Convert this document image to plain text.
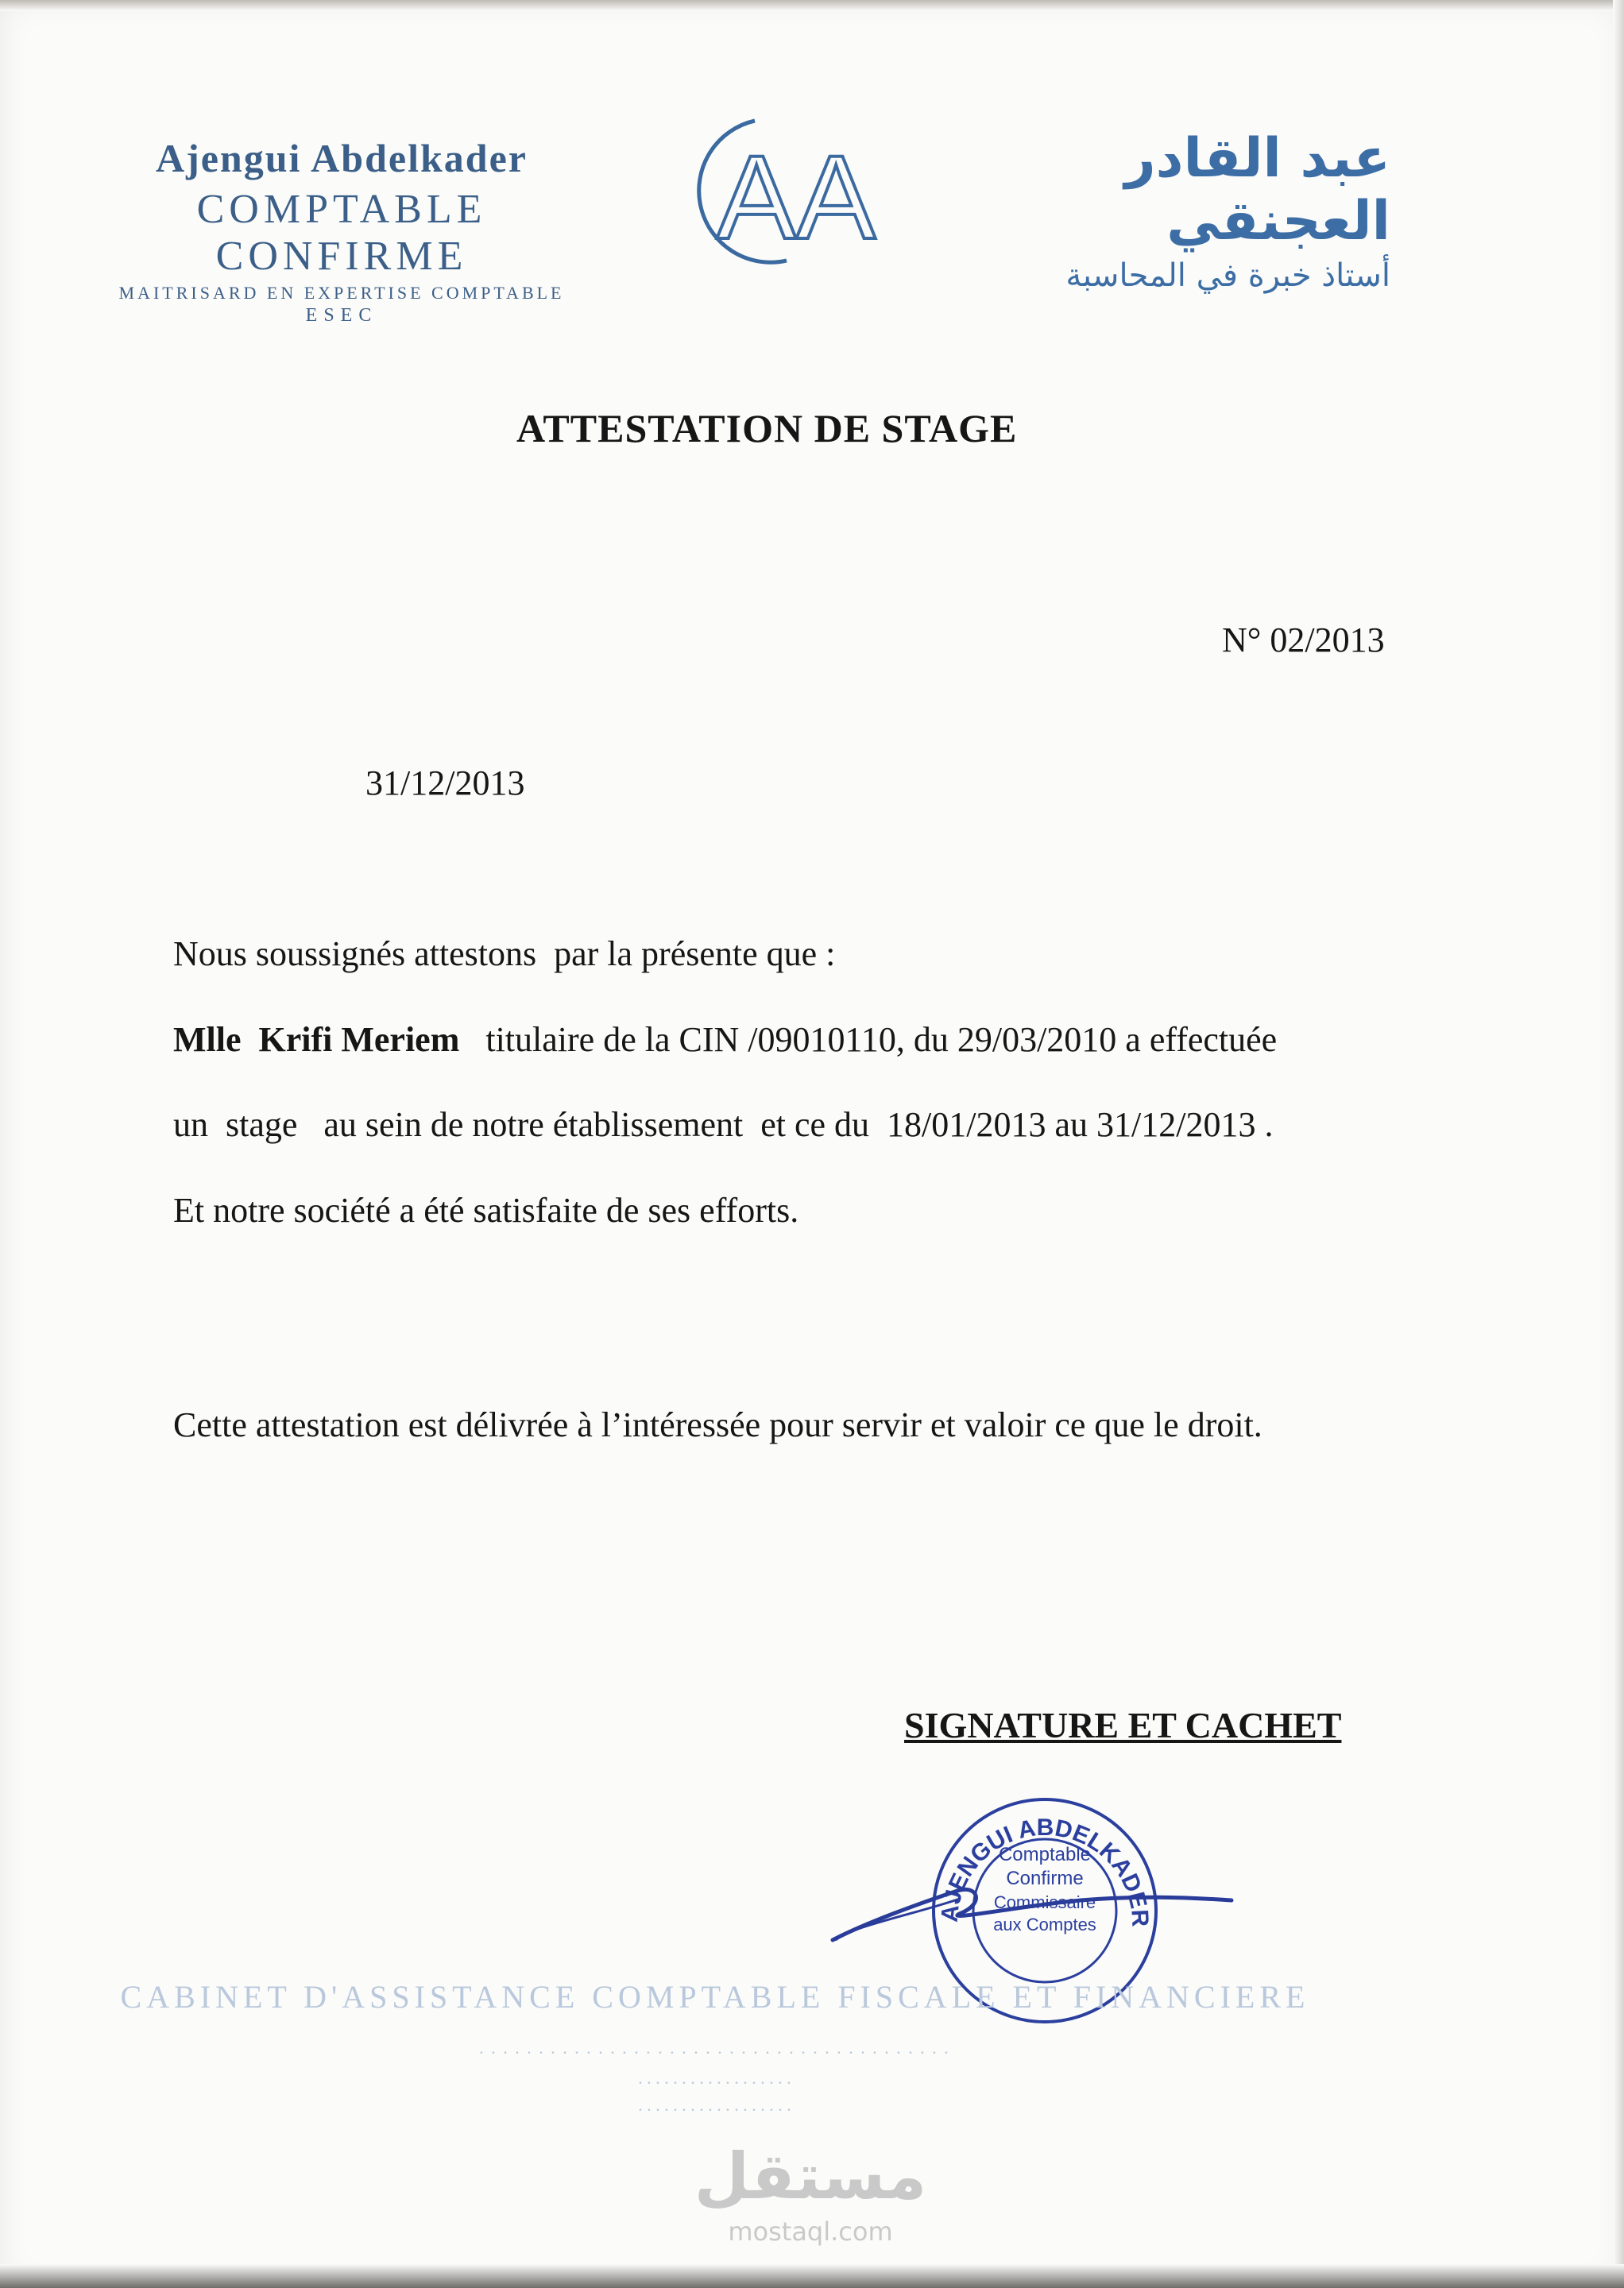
Ajengui Abdelkader
COMPTABLE CONFIRME
MAITRISARD EN EXPERTISE COMPTABLE
ESEC
AA	عبد القادر العجنقي
أستاذ خبرة في المحاسبة
ATTESTATION DE STAGE
N° 02/2013
31/12/2013
Nous soussignés attestons  par la présente que :
Mlle  Krifi Meriem   titulaire de la CIN /09010110, du 29/03/2010 a effectuée
un  stage   au sein de notre établissement  et ce du  18/01/2013 au 31/12/2013 .
Et notre société a été satisfaite de ses efforts.
Cette attestation est délivrée à l’intéressée pour servir et valoir ce que le droit.
SIGNATURE ET CACHET
AJENGUI ABDELKADER
Comptable
Confirme
Commissaire
aux Comptes
CABINET D'ASSISTANCE COMPTABLE FISCALE ET FINANCIERE
. . . . . . . . . . . . . . . . . . . . . . . . . . . . . . . . . . . . . . . .
. . . . . . . . . . . . . . . . . .
. . . . . . . . . . . . . . . . . .
مستقل
mostaql.com
